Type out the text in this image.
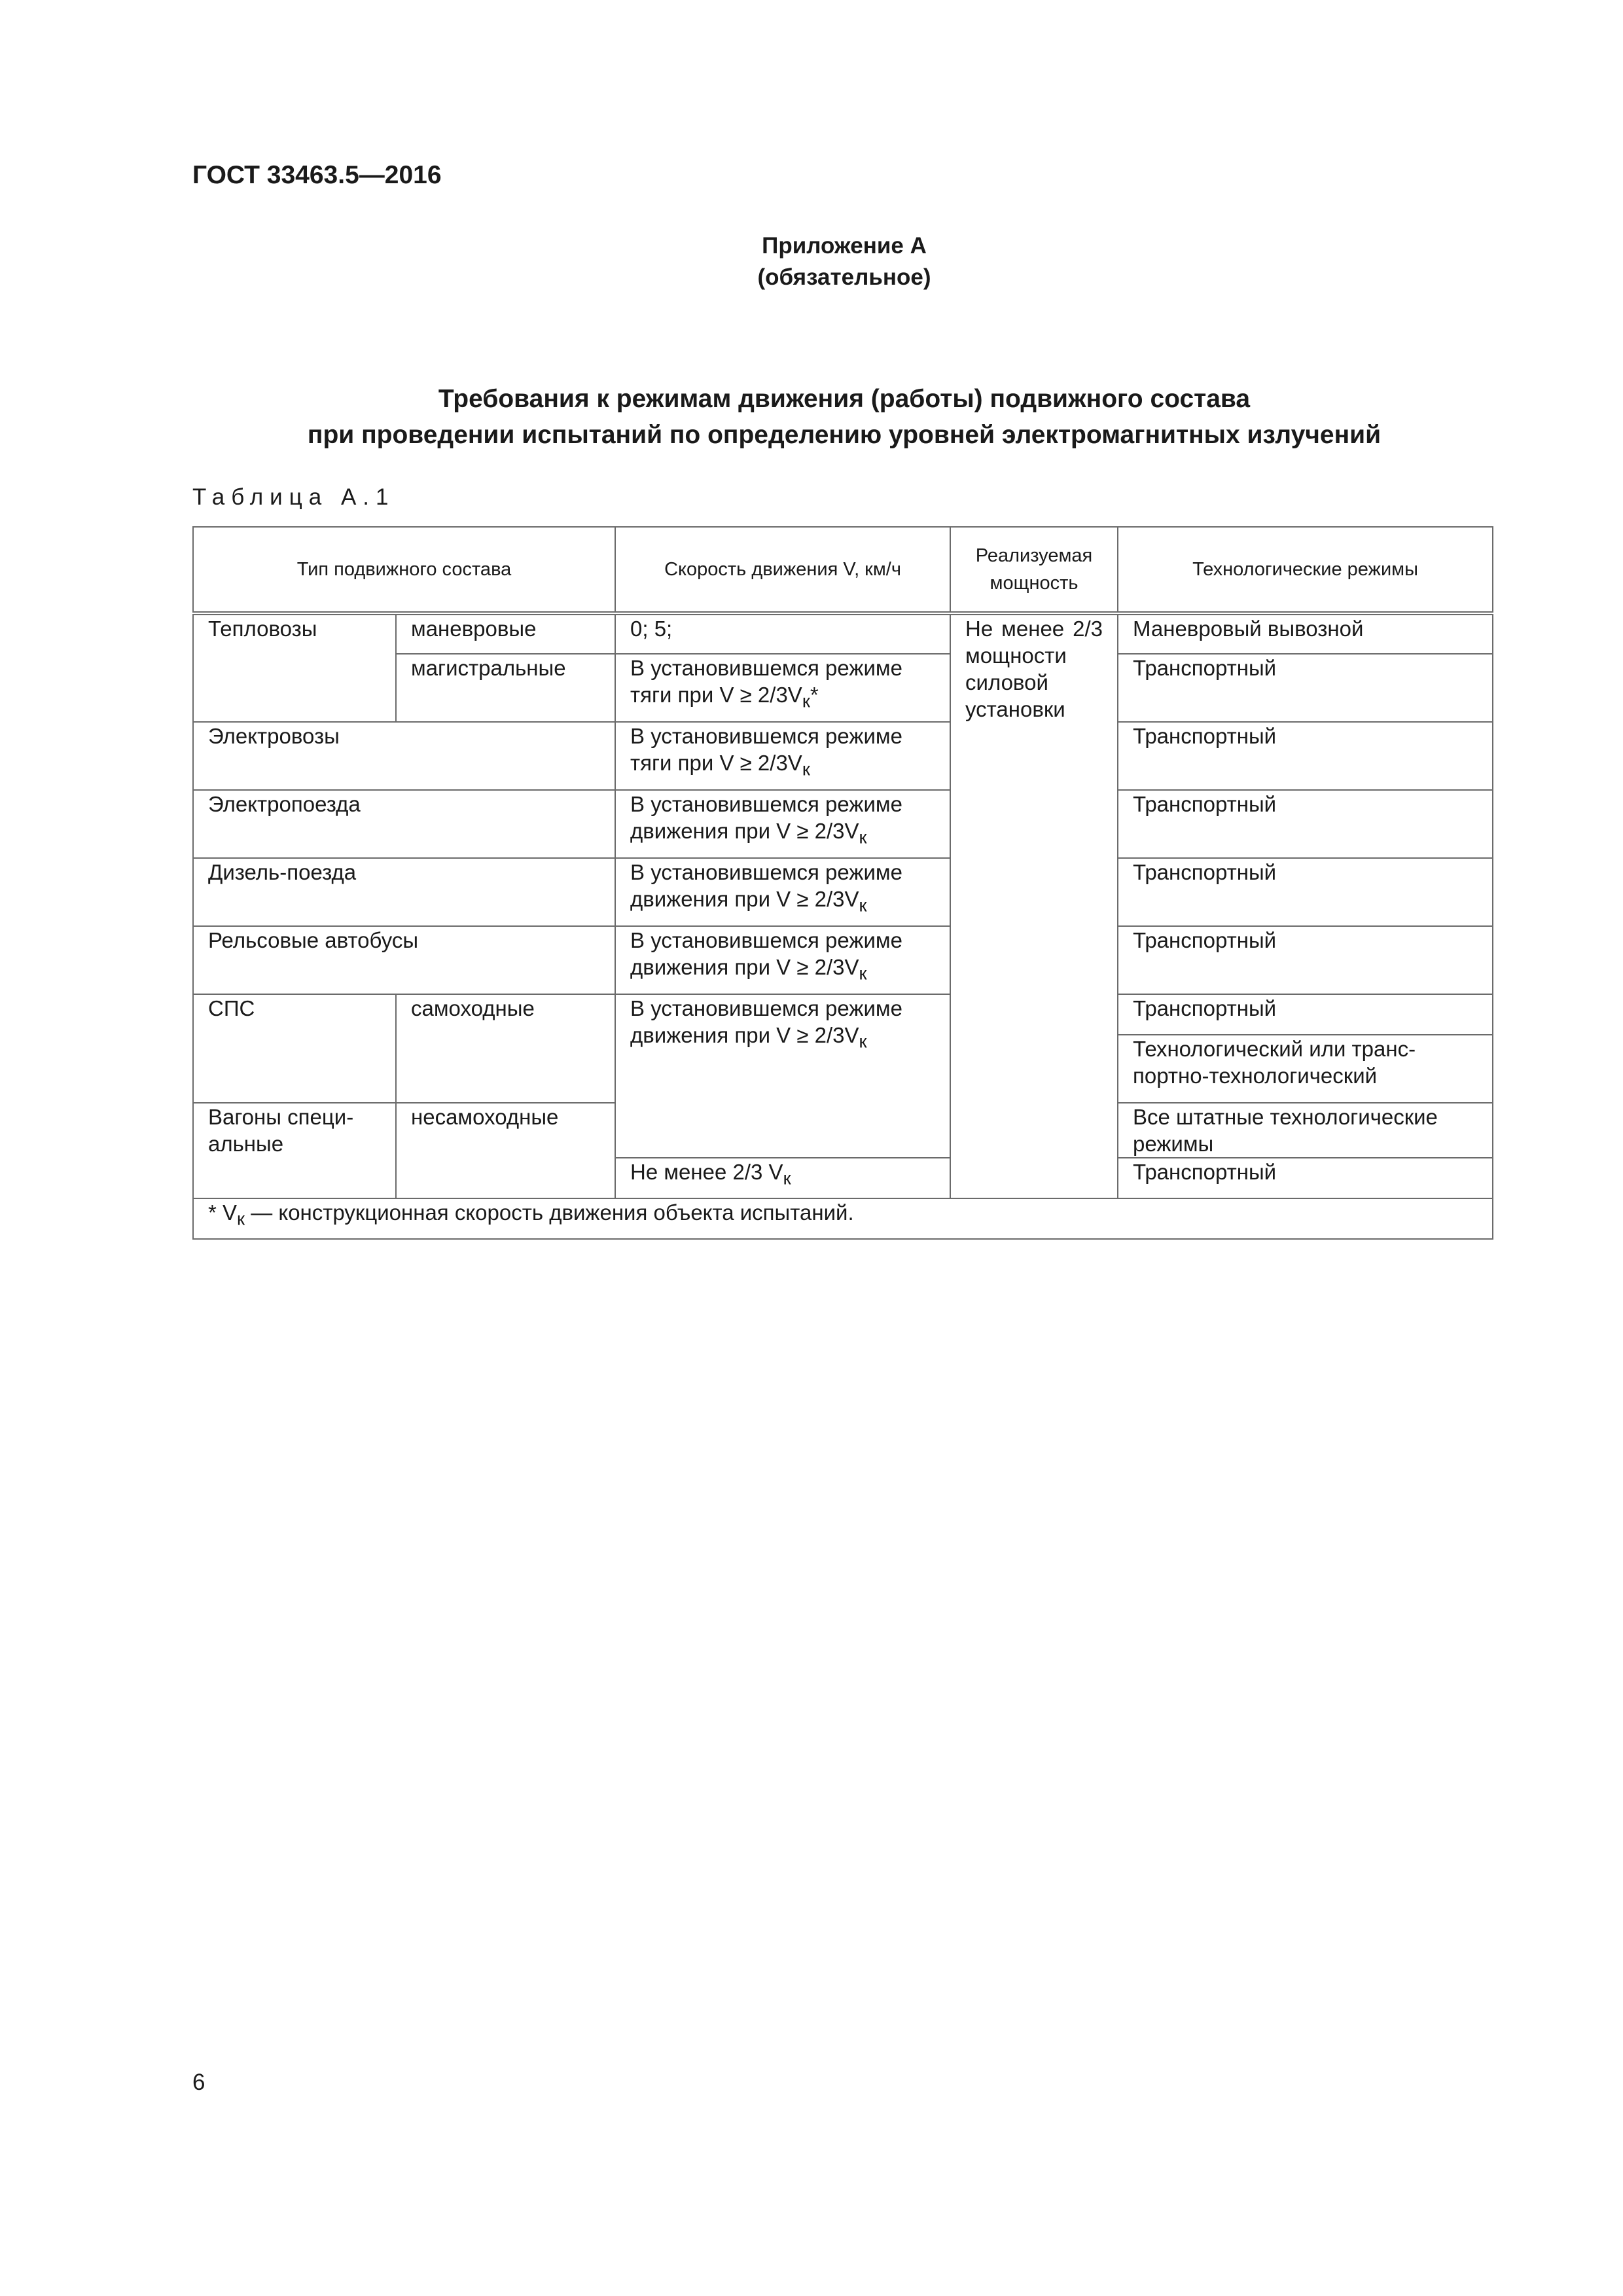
ГОСТ 33463.5—2016
Приложение А
(обязательное)
Требования к режимам движения (работы) подвижного состава
при проведении испытаний по определению уровней электромагнитных излучений
Таблица А.1
Тип подвижного состава		Скорость движения V, км/ч	Реализуемая мощность	Технологические режимы
Тепловозы	маневровые	0; 5;	Не менее 2/3 мощности силовой установки	Маневровый вывозной
	магистральные	В установившемся режиме тяги при $V \ge 2/3V_к*$		Транспортный
Электровозы		В установившемся режиме тяги при $V \ge 2/3V_к$		Транспортный
Электропоезда		В установившемся режиме движения при $V \ge 2/3V_к$		Транспортный
Дизель-поезда		В установившемся режиме движения при $V \ge 2/3V_к$		Транспортный
Рельсовые автобусы		В установившемся режиме движения при $V \ge 2/3V_к$		Транспортный
СПС	самоходные	В установившемся режиме движения при $V \ge 2/3V_к$		Транспортный
				Технологический или транспортно-технологический
Вагоны специальные	несамоходные			Все штатные технологические режимы
		Не менее 2/3 $V_к$		Транспортный
* $V_к$ — конструкционная скорость движения объекта испытаний.				
6
